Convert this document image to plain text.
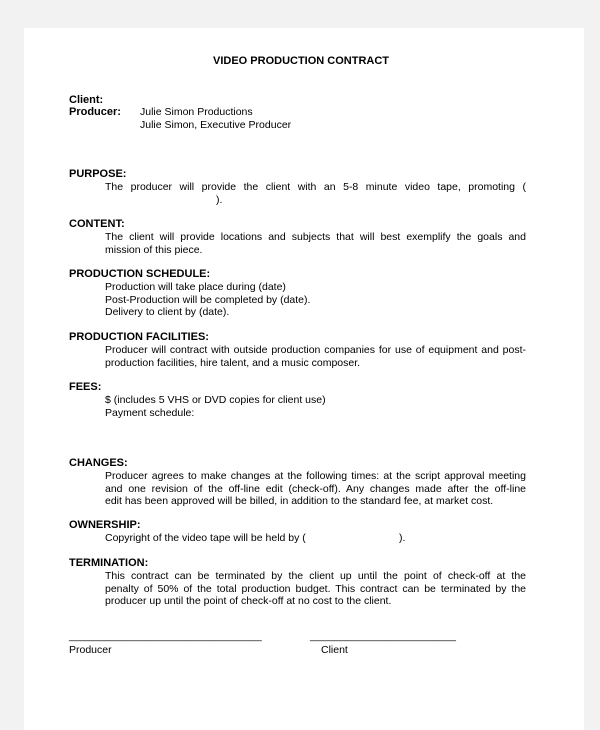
VIDEO PRODUCTION CONTRACT
Client:
Producer: Julie Simon Productions
Julie Simon, Executive Producer
PURPOSE:
The producer will provide the client with an 5-8 minute video tape, promoting (
).
CONTENT:
The client will provide locations and subjects that will best exemplify the goals and
mission of this piece.
PRODUCTION SCHEDULE:
Production will take place during (date)
Post-Production will be completed by (date).
Delivery to client by (date).
PRODUCTION FACILITIES:
Producer will contract with outside production companies for use of equipment and post-
production facilities, hire talent, and a music composer.
FEES:
$ (includes 5 VHS or DVD copies for client use)
Payment schedule:
CHANGES:
Producer agrees to make changes at the following times: at the script approval meeting
and one revision of the off-line edit (check-off). Any changes made after the off-line
edit has been approved will be billed, in addition to the standard fee, at market cost.
OWNERSHIP:
Copyright of the video tape will be held by (	).
TERMINATION:
This contract can be terminated by the client up until the point of check-off at the
penalty of 50% of the total production budget. This contract can be terminated by the
producer up until the point of check-off at no cost to the client.
_________________________________	_________________________
Producer	Client
